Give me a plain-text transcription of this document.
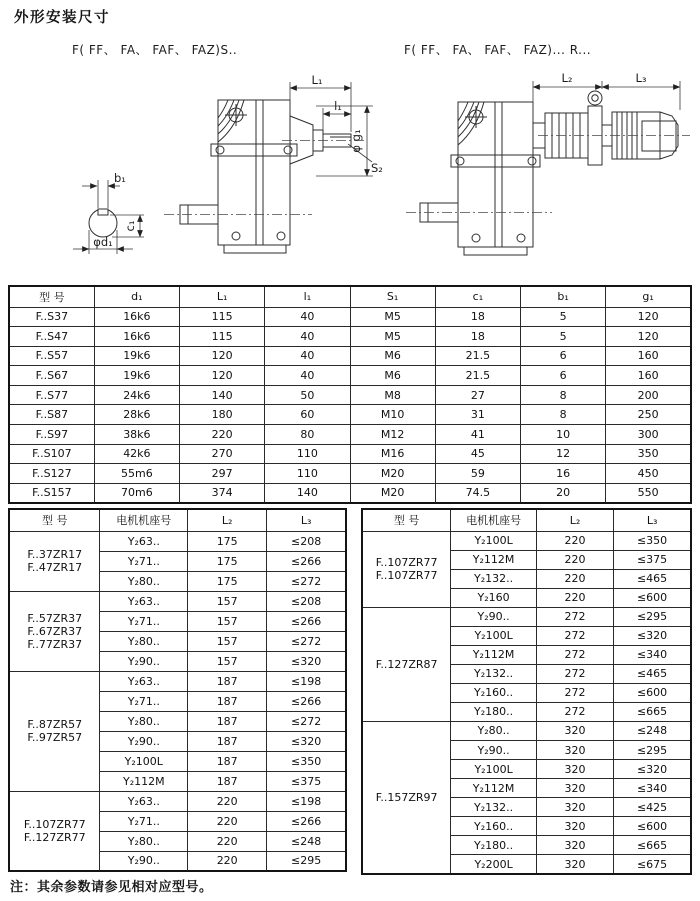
外形安装尺寸
F( FF、 FA、 FAF、 FAZ)S..	F( FF、 FA、 FAF、 FAZ)... R...
L₁
l₁
φ g₁
S₂
b₁
c₁
φd₁
L₂	L₃
型 号	d₁	L₁	l₁	S₁	c₁	b₁	g₁
F..S37	16k6	115	40	M5	18	5	120
F..S47	16k6	115	40	M5	18	5	120
F..S57	19k6	120	40	M6	21.5	6	160
F..S67	19k6	120	40	M6	21.5	6	160
F..S77	24k6	140	50	M8	27	8	200
F..S87	28k6	180	60	M10	31	8	250
F..S97	38k6	220	80	M12	41	10	300
F..S107	42k6	270	110	M16	45	12	350
F..S127	55m6	297	110	M20	59	16	450
F..S157	70m6	374	140	M20	74.5	20	550
型 号	电机机座号	L₂	L₃

F..37ZR17
F..47ZR17	Y₂63..	175	≤208
	Y₂71..	175	≤266
	Y₂80..	175	≤272

F..57ZR37
F..67ZR37
F..77ZR37	Y₂63..	157	≤208
	Y₂71..	157	≤266
	Y₂80..	157	≤272
	Y₂90..	157	≤320

F..87ZR57
F..97ZR57	Y₂63..	187	≤198
	Y₂71..	187	≤266
	Y₂80..	187	≤272
	Y₂90..	187	≤320
	Y₂100L	187	≤350
	Y₂112M	187	≤375

F..107ZR77
F..127ZR77	Y₂63..	220	≤198
	Y₂71..	220	≤266
	Y₂80..	220	≤248
	Y₂90..	220	≤295
型 号	电机机座号	L₂	L₃

F..107ZR77
F..107ZR77	Y₂100L	220	≤350
	Y₂112M	220	≤375
	Y₂132..	220	≤465
	Y₂160	220	≤600

F..127ZR87	Y₂90..	272	≤295
	Y₂100L	272	≤320
	Y₂112M	272	≤340
	Y₂132..	272	≤465
	Y₂160..	272	≤600
	Y₂180..	272	≤665

F..157ZR97	Y₂80..	320	≤248
	Y₂90..	320	≤295
	Y₂100L	320	≤320
	Y₂112M	320	≤340
	Y₂132..	320	≤425
	Y₂160..	320	≤600
	Y₂180..	320	≤665
	Y₂200L	320	≤675
注：其余参数请参见相对应型号。
